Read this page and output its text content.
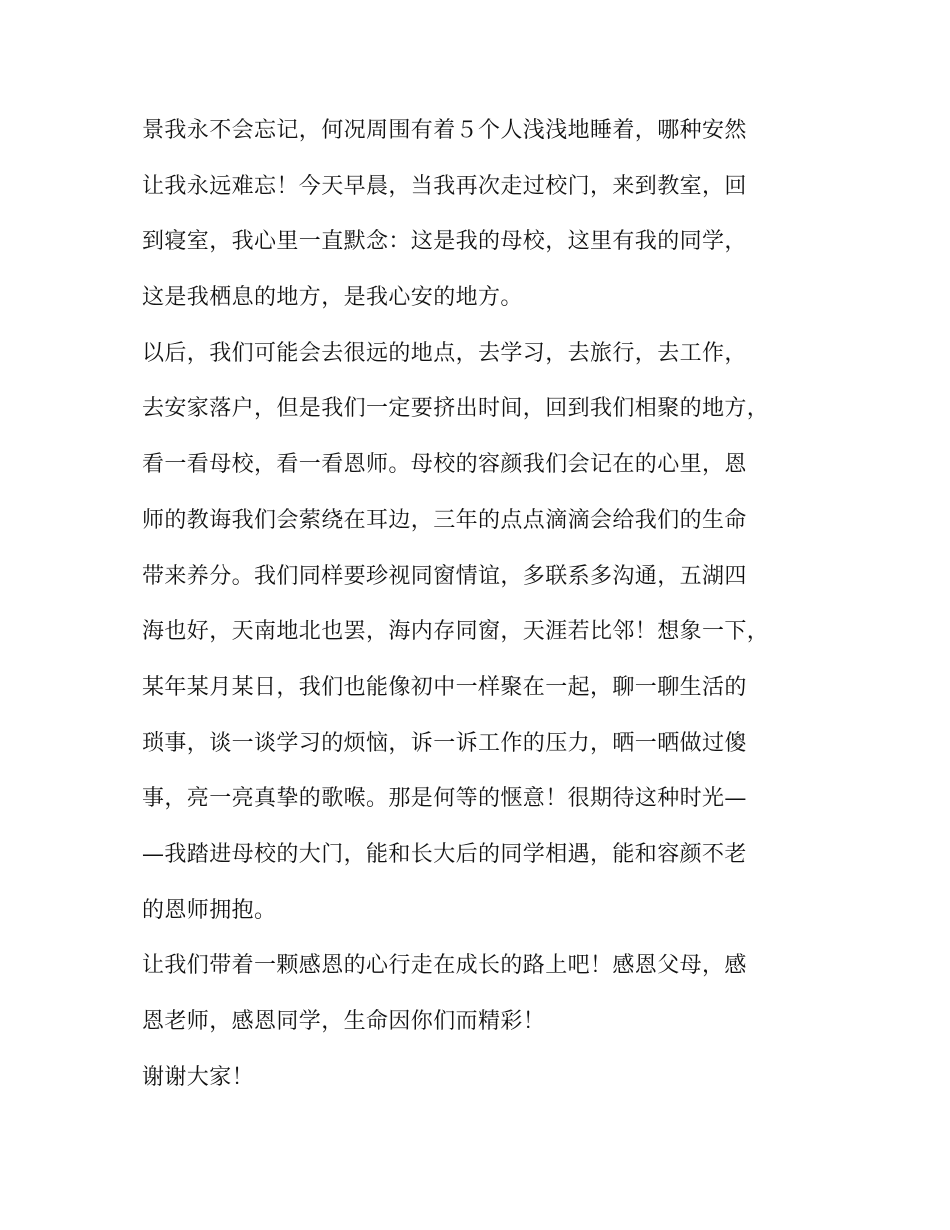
景我永不会忘记，何况周围有着５个人浅浅地睡着，哪种安然
让我永远难忘！今天早晨，当我再次走过校门，来到教室，回
到寝室，我心里一直默念：这是我的母校，这里有我的同学，
这是我栖息的地方，是我心安的地方。
以后，我们可能会去很远的地点，去学习，去旅行，去工作，
去安家落户，但是我们一定要挤出时间，回到我们相聚的地方，
看一看母校，看一看恩师。母校的容颜我们会记在的心里，恩
师的教诲我们会萦绕在耳边，三年的点点滴滴会给我们的生命
带来养分。我们同样要珍视同窗情谊，多联系多沟通，五湖四
海也好，天南地北也罢，海内存同窗，天涯若比邻！想象一下，
某年某月某日，我们也能像初中一样聚在一起，聊一聊生活的
琐事，谈一谈学习的烦恼，诉一诉工作的压力，晒一晒做过傻
事，亮一亮真挚的歌喉。那是何等的惬意！很期待这种时光—
—我踏进母校的大门，能和长大后的同学相遇，能和容颜不老
的恩师拥抱。
让我们带着一颗感恩的心行走在成长的路上吧！感恩父母，感
恩老师，感恩同学，生命因你们而精彩！
谢谢大家！
